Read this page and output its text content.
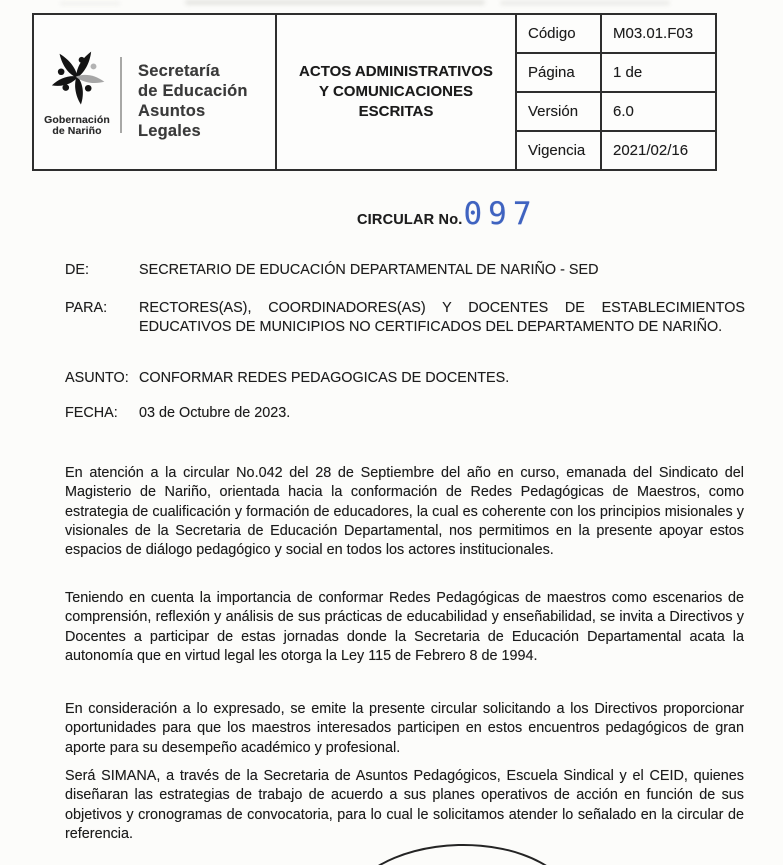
Gobernación
de Nariño
Secretaría
de Educación
Asuntos
Legales
ACTOS ADMINISTRATIVOS
Y COMUNICACIONES
ESCRITAS
Código	M03.01.F03
Página	1 de
Versión	6.0
Vigencia	2021/02/16
CIRCULAR No. 097
DE:	SECRETARIO DE EDUCACIÓN DEPARTAMENTAL DE NARIÑO - SED
PARA:	RECTORES(AS), COORDINADORES(AS) Y DOCENTES DE ESTABLECIMIENTOS EDUCATIVOS DE MUNICIPIOS NO CERTIFICADOS DEL DEPARTAMENTO DE NARIÑO.
ASUNTO: CONFORMAR REDES PEDAGOGICAS DE DOCENTES.
FECHA:	03 de Octubre de 2023.
En atención a la circular No.042 del 28 de Septiembre del año en curso, emanada del Sindicato del Magisterio de Nariño, orientada hacia la conformación de Redes Pedagógicas de Maestros, como estrategia de cualificación y formación de educadores, la cual es coherente con los principios misionales y visionales de la Secretaria de Educación Departamental, nos permitimos en la presente apoyar estos espacios de diálogo pedagógico y social en todos los actores institucionales.
Teniendo en cuenta la importancia de conformar Redes Pedagógicas de maestros como escenarios de comprensión, reflexión y análisis de sus prácticas de educabilidad y enseñabilidad, se invita a Directivos y Docentes a participar de estas jornadas donde la Secretaria de Educación Departamental acata la autonomía que en virtud legal les otorga la Ley 115 de Febrero 8 de 1994.
En consideración a lo expresado, se emite la presente circular solicitando a los Directivos proporcionar oportunidades para que los maestros interesados participen en estos encuentros pedagógicos de gran aporte para su desempeño académico y profesional.
Será SIMANA, a través de la Secretaria de Asuntos Pedagógicos, Escuela Sindical y el CEID, quienes diseñaran las estrategias de trabajo de acuerdo a sus planes operativos de acción en función de sus objetivos y cronogramas de convocatoria, para lo cual le solicitamos atender lo señalado en la circular de referencia.
